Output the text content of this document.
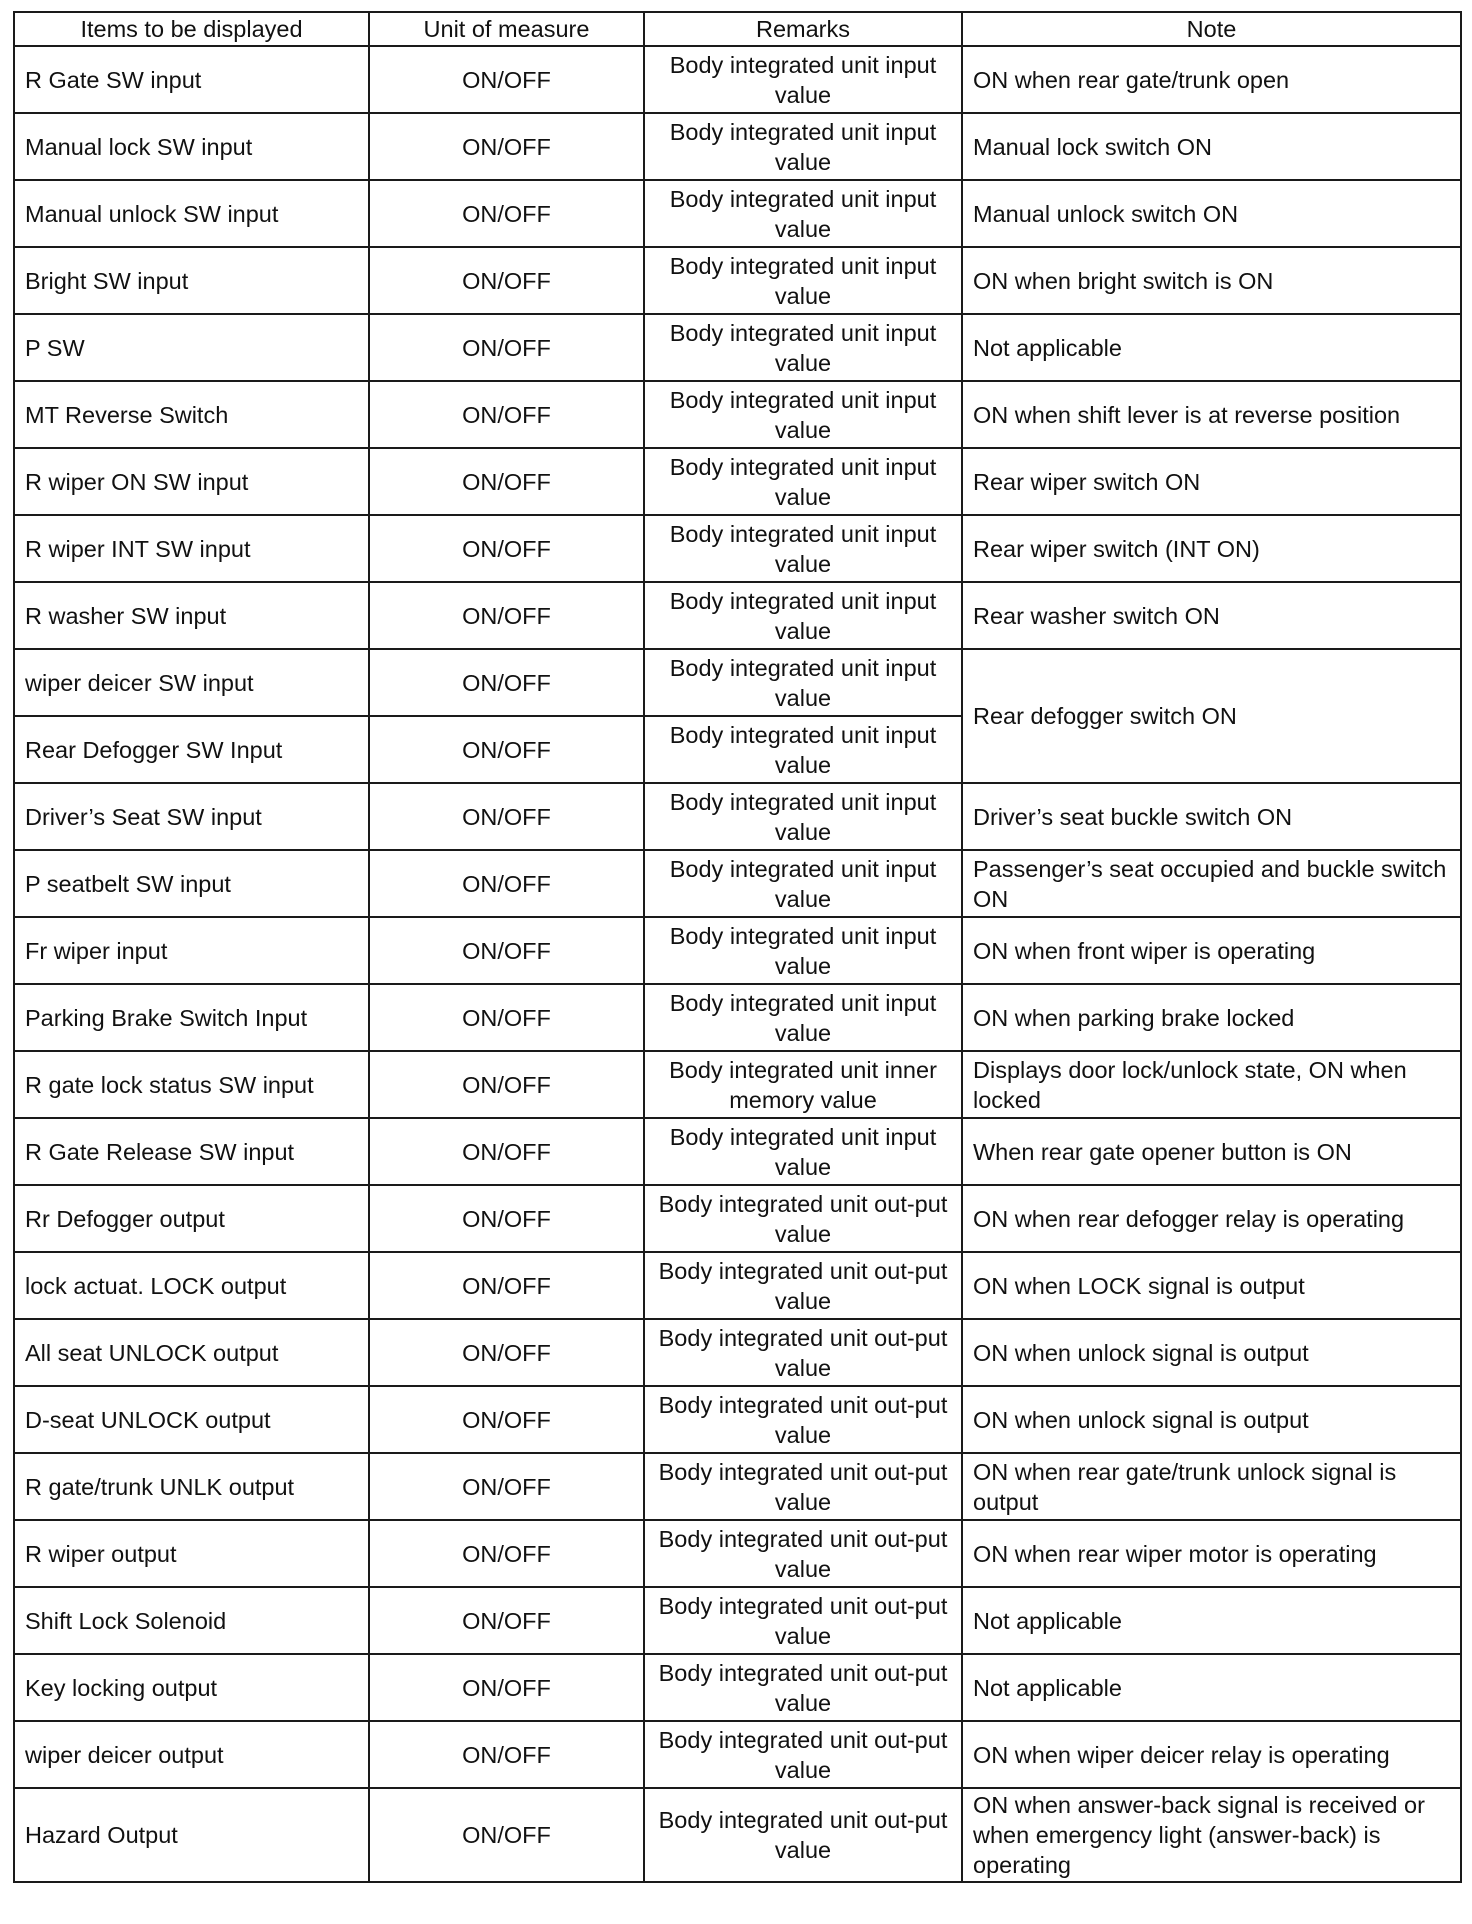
Items to be displayed	Unit of measure	Remarks	Note
R Gate SW input	ON/OFF	Body integrated unit input value	ON when rear gate/trunk open
Manual lock SW input	ON/OFF	Body integrated unit input value	Manual lock switch ON
Manual unlock SW input	ON/OFF	Body integrated unit input value	Manual unlock switch ON
Bright SW input	ON/OFF	Body integrated unit input value	ON when bright switch is ON
P SW	ON/OFF	Body integrated unit input value	Not applicable
MT Reverse Switch	ON/OFF	Body integrated unit input value	ON when shift lever is at reverse position
R wiper ON SW input	ON/OFF	Body integrated unit input value	Rear wiper switch ON
R wiper INT SW input	ON/OFF	Body integrated unit input value	Rear wiper switch (INT ON)
R washer SW input	ON/OFF	Body integrated unit input value	Rear washer switch ON
wiper deicer SW input	ON/OFF	Body integrated unit input value	Rear defogger switch ON
Rear Defogger SW Input	ON/OFF	Body integrated unit input value	
Driver’s Seat SW input	ON/OFF	Body integrated unit input value	Driver’s seat buckle switch ON
P seatbelt SW input	ON/OFF	Body integrated unit input value	Passenger’s seat occupied and buckle switch ON
Fr wiper input	ON/OFF	Body integrated unit input value	ON when front wiper is operating
Parking Brake Switch Input	ON/OFF	Body integrated unit input value	ON when parking brake locked
R gate lock status SW input	ON/OFF	Body integrated unit inner memory value	Displays door lock/unlock state, ON when locked
R Gate Release SW input	ON/OFF	Body integrated unit input value	When rear gate opener button is ON
Rr Defogger output	ON/OFF	Body integrated unit out-put value	ON when rear defogger relay is operating
lock actuat. LOCK output	ON/OFF	Body integrated unit out-put value	ON when LOCK signal is output
All seat UNLOCK output	ON/OFF	Body integrated unit out-put value	ON when unlock signal is output
D-seat UNLOCK output	ON/OFF	Body integrated unit out-put value	ON when unlock signal is output
R gate/trunk UNLK output	ON/OFF	Body integrated unit out-put value	ON when rear gate/trunk unlock signal is output
R wiper output	ON/OFF	Body integrated unit out-put value	ON when rear wiper motor is operating
Shift Lock Solenoid	ON/OFF	Body integrated unit out-put value	Not applicable
Key locking output	ON/OFF	Body integrated unit out-put value	Not applicable
wiper deicer output	ON/OFF	Body integrated unit out-put value	ON when wiper deicer relay is operating
Hazard Output	ON/OFF	Body integrated unit out-put value	ON when answer-back signal is received or when emergency light (answer-back) is operating
